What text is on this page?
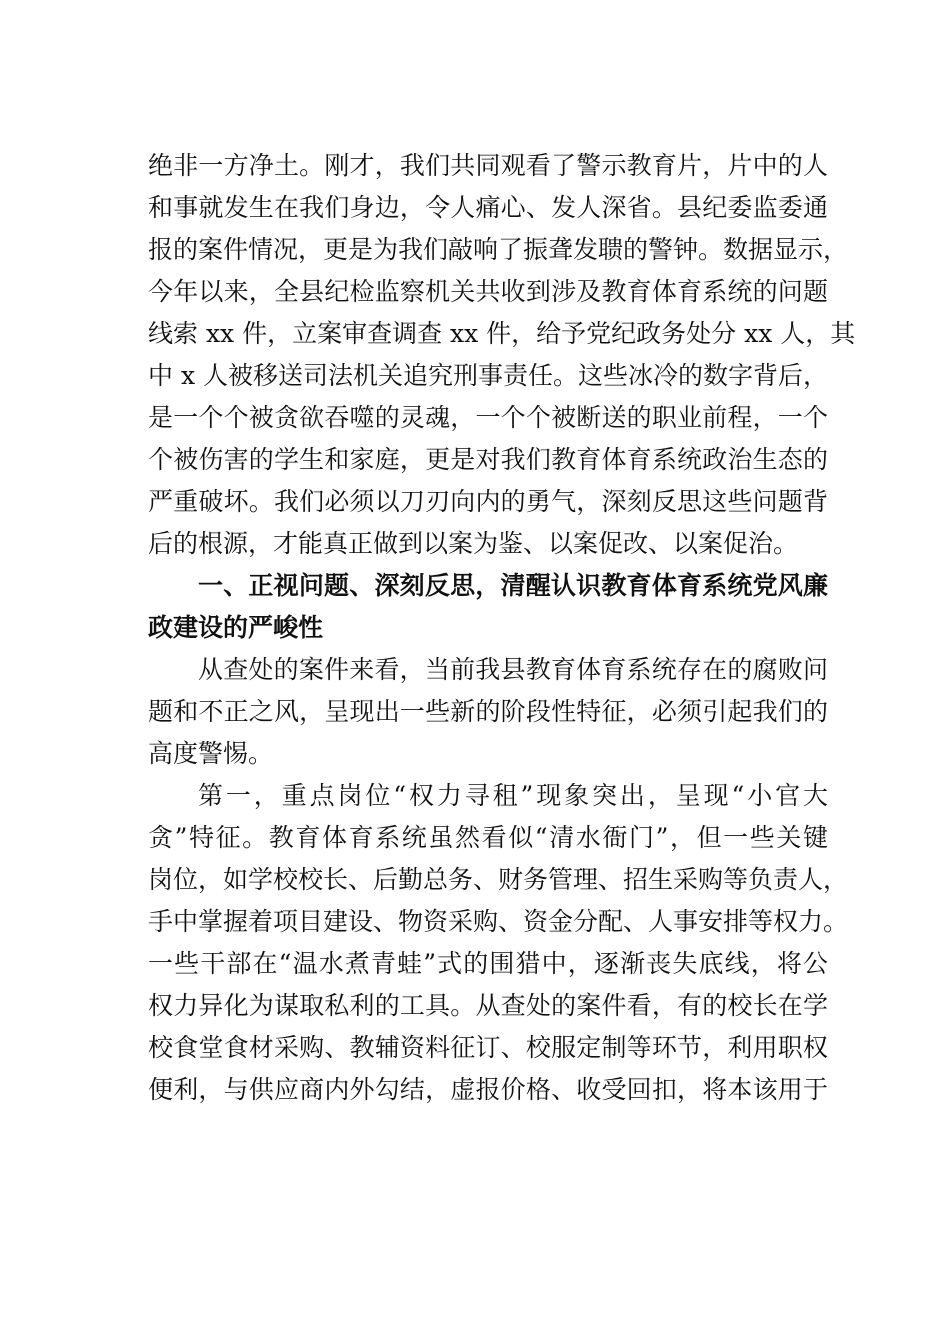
绝非一方净土。刚才，我们共同观看了警示教育片，片中的人
和事就发生在我们身边，令人痛心、发人深省。县纪委监委通
报的案件情况，更是为我们敲响了振聋发聩的警钟。数据显示，
今年以来，全县纪检监察机关共收到涉及教育体育系统的问题
线索 xx 件，立案审查调查 xx 件，给予党纪政务处分 xx 人，其
中 x 人被移送司法机关追究刑事责任。这些冰冷的数字背后，
是一个个被贪欲吞噬的灵魂，一个个被断送的职业前程，一个
个被伤害的学生和家庭，更是对我们教育体育系统政治生态的
严重破坏。我们必须以刀刃向内的勇气，深刻反思这些问题背
后的根源，才能真正做到以案为鉴、以案促改、以案促治。
一、正视问题、深刻反思，清醒认识教育体育系统党风廉
政建设的严峻性
从查处的案件来看，当前我县教育体育系统存在的腐败问
题和不正之风，呈现出一些新的阶段性特征，必须引起我们的
高度警惕。
第一，重点岗位“权力寻租”现象突出，呈现“小官大
贪”特征。教育体育系统虽然看似“清水衙门”，但一些关键
岗位，如学校校长、后勤总务、财务管理、招生采购等负责人，
手中掌握着项目建设、物资采购、资金分配、人事安排等权力。
一些干部在“温水煮青蛙”式的围猎中，逐渐丧失底线，将公
权力异化为谋取私利的工具。从查处的案件看，有的校长在学
校食堂食材采购、教辅资料征订、校服定制等环节，利用职权
便利，与供应商内外勾结，虚报价格、收受回扣，将本该用于
